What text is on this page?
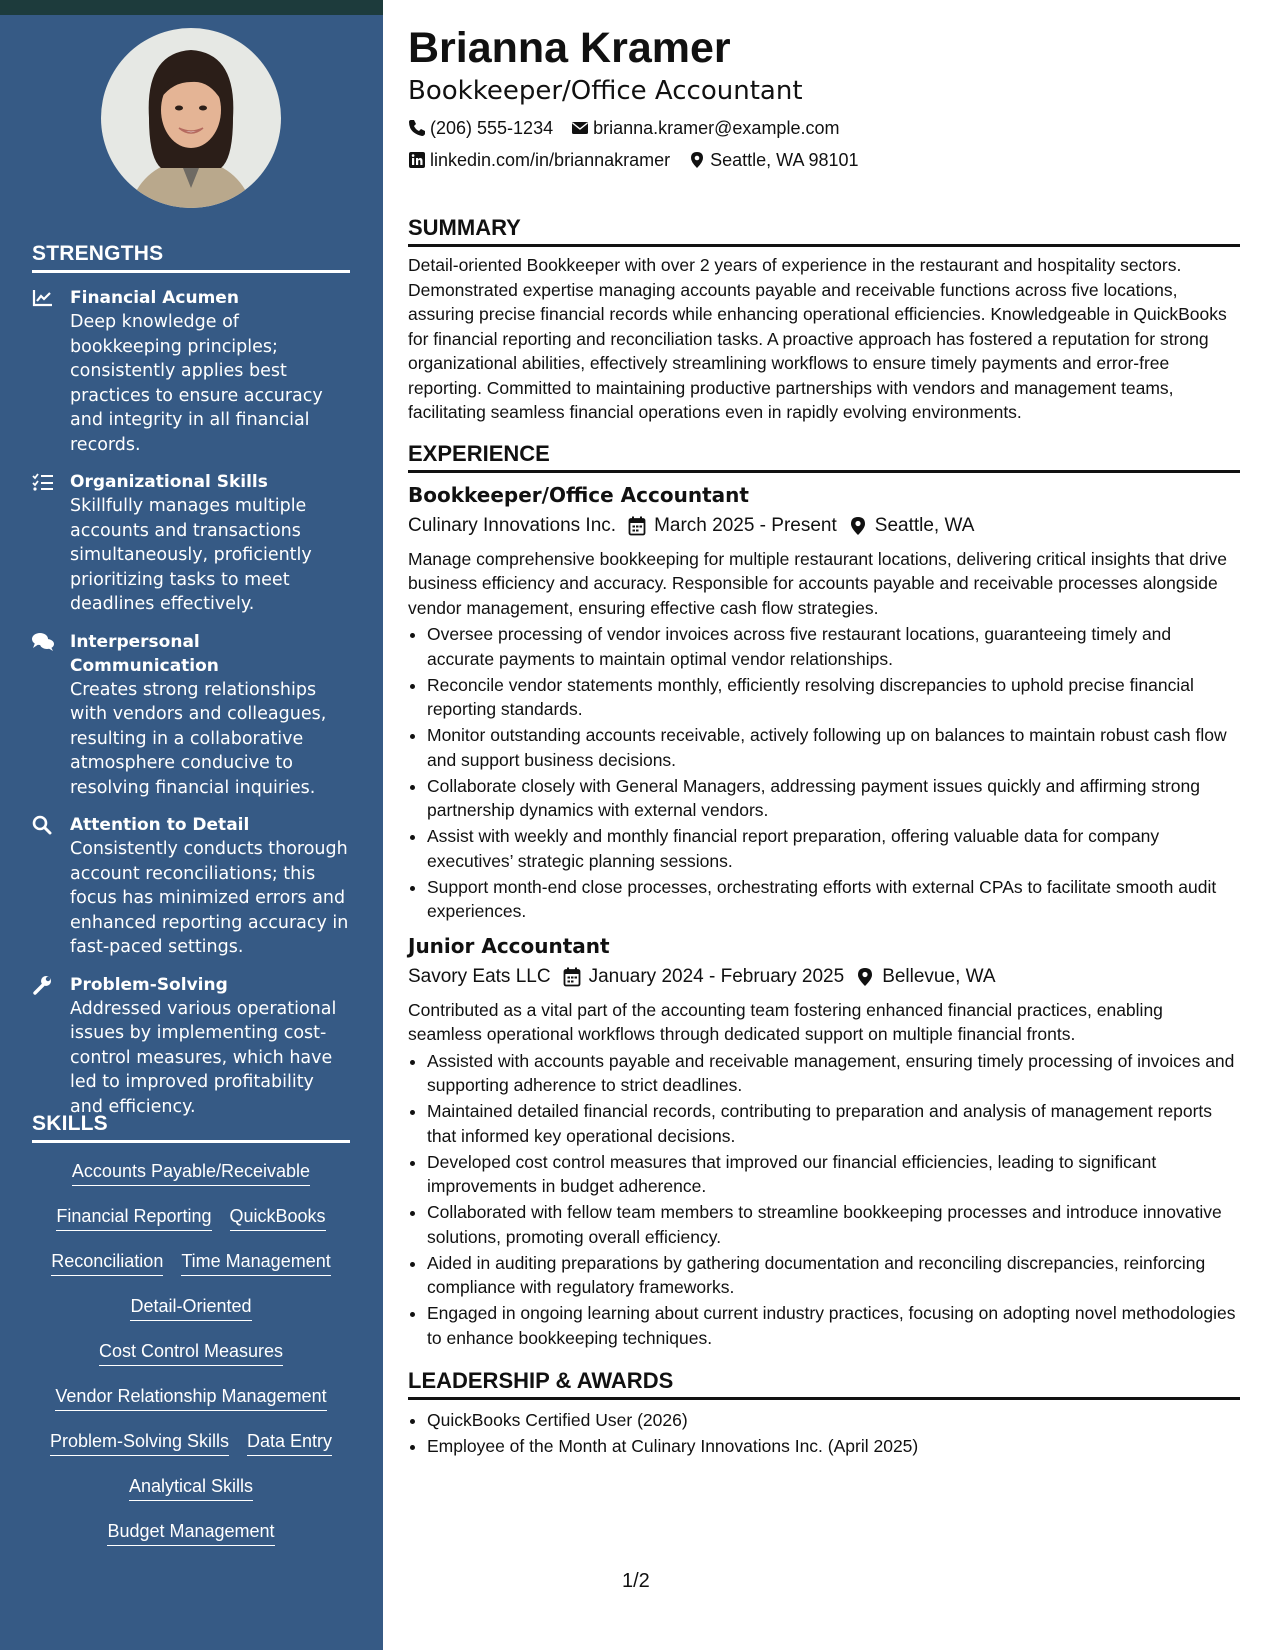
STRENGTHS
Financial Acumen
Deep knowledge of bookkeeping principles; consistently applies best practices to ensure accuracy and integrity in all financial records.
Organizational Skills
Skillfully manages multiple accounts and transactions simultaneously, proficiently prioritizing tasks to meet deadlines effectively.
Interpersonal Communication
Creates strong relationships with vendors and colleagues, resulting in a collaborative atmosphere conducive to resolving financial inquiries.
Attention to Detail
Consistently conducts thorough account reconciliations; this focus has minimized errors and enhanced reporting accuracy in fast-paced settings.
Problem-Solving
Addressed various operational issues by implementing cost-control measures, which have led to improved profitability and efficiency.
SKILLS
Accounts Payable/Receivable
Financial Reporting QuickBooks
Reconciliation Time Management
Detail-Oriented
Cost Control Measures
Vendor Relationship Management
Problem-Solving Skills Data Entry
Analytical Skills
Budget Management
Brianna Kramer
Bookkeeper/Office Accountant
(206) 555-1234 brianna.kramer@example.com
linkedin.com/in/briannakramer Seattle, WA 98101
SUMMARY

Detail-oriented Bookkeeper with over 2 years of experience in the restaurant and hospitality sectors. Demonstrated expertise managing accounts payable and receivable functions across five locations, assuring precise financial records while enhancing operational efficiencies. Knowledgeable in QuickBooks for financial reporting and reconciliation tasks. A proactive approach has fostered a reputation for strong organizational abilities, effectively streamlining workflows to ensure timely payments and error-free reporting. Committed to maintaining productive partnerships with vendors and management teams, facilitating seamless financial operations even in rapidly evolving environments.

EXPERIENCE
Bookkeeper/Office Accountant
Culinary Innovations Inc. March 2025 - Present Seattle, WA

Manage comprehensive bookkeeping for multiple restaurant locations, delivering critical insights that drive business efficiency and accuracy. Responsible for accounts payable and receivable processes alongside vendor management, ensuring effective cash flow strategies.

• Oversee processing of vendor invoices across five restaurant locations, guaranteeing timely and accurate payments to maintain optimal vendor relationships.
• Reconcile vendor statements monthly, efficiently resolving discrepancies to uphold precise financial reporting standards.
• Monitor outstanding accounts receivable, actively following up on balances to maintain robust cash flow and support business decisions.
• Collaborate closely with General Managers, addressing payment issues quickly and affirming strong partnership dynamics with external vendors.
• Assist with weekly and monthly financial report preparation, offering valuable data for company executives’ strategic planning sessions.
• Support month-end close processes, orchestrating efforts with external CPAs to facilitate smooth audit experiences.
Junior Accountant
Savory Eats LLC January 2024 - February 2025 Bellevue, WA

Contributed as a vital part of the accounting team fostering enhanced financial practices, enabling seamless operational workflows through dedicated support on multiple financial fronts.

• Assisted with accounts payable and receivable management, ensuring timely processing of invoices and supporting adherence to strict deadlines.
• Maintained detailed financial records, contributing to preparation and analysis of management reports that informed key operational decisions.
• Developed cost control measures that improved our financial efficiencies, leading to significant improvements in budget adherence.
• Collaborated with fellow team members to streamline bookkeeping processes and introduce innovative solutions, promoting overall efficiency.
• Aided in auditing preparations by gathering documentation and reconciling discrepancies, reinforcing compliance with regulatory frameworks.
• Engaged in ongoing learning about current industry practices, focusing on adopting novel methodologies to enhance bookkeeping techniques.
LEADERSHIP & AWARDS
• QuickBooks Certified User (2026)
• Employee of the Month at Culinary Innovations Inc. (April 2025)
1/2
